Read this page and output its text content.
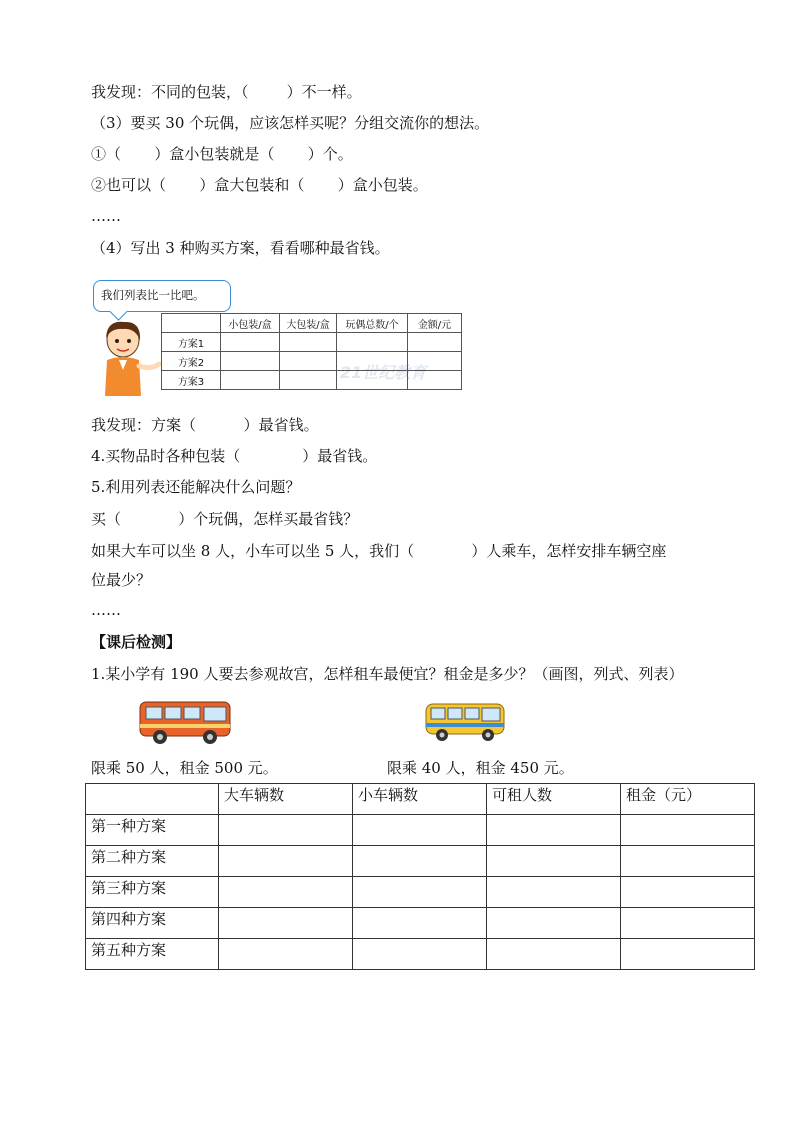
我发现：不同的包装，（        ）不一样。
（3）要买 30 个玩偶，应该怎样买呢？分组交流你的想法。
①（       ）盒小包装就是（       ）个。
②也可以（       ）盒大包装和（       ）盒小包装。
……
（4）写出 3 种购买方案，看看哪种最省钱。
我们列表比一比吧。
21世纪教育
	小包装/盒	大包装/盒	玩偶总数/个	金额/元
方案1				
方案2				
方案3				
我发现：方案（          ）最省钱。
4.买物品时各种包装（             ）最省钱。
5.利用列表还能解决什么问题？
买（            ）个玩偶，怎样买最省钱？
如果大车可以坐 8 人，小车可以坐 5 人，我们（            ）人乘车，怎样安排车辆空座
位最少？
……
【课后检测】
1.某小学有 190 人要去参观故宫，怎样租车最便宜？租金是多少？（画图，列式、列表）
限乘 50 人，租金 500 元。	限乘 40 人，租金 450 元。
	大车辆数	小车辆数	可租人数	租金（元）
第一种方案				
第二种方案				
第三种方案				
第四种方案				
第五种方案				
